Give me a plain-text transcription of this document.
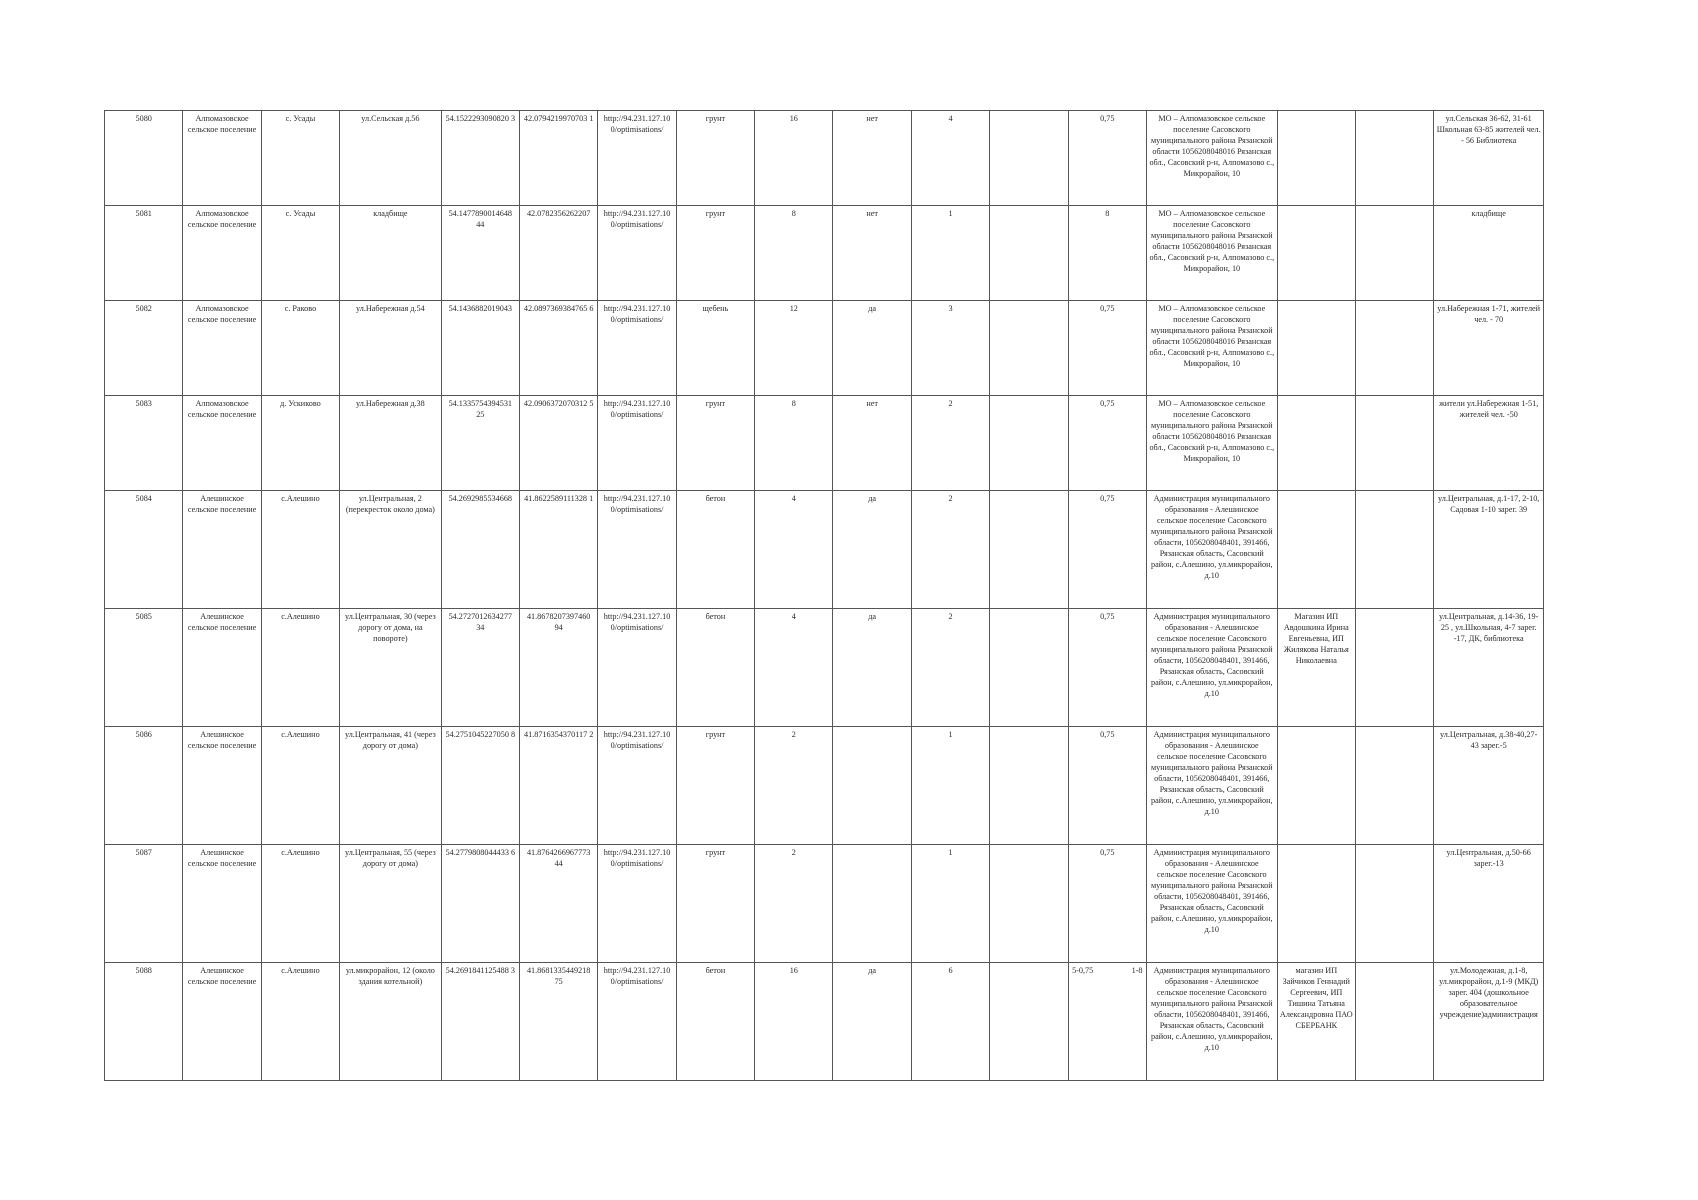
5080	Алпомазовское сельское поселение	с. Усады	ул.Сельская д.56	54.1522293090820 3	42.0794219970703 1	http://94.231.127.10 0/optimisations/	грунт	16	нет	4		0,75	МО – Алпомазовское сельское поселение Сасовского муниципального района Рязанской области 1056208048016 Рязанская обл., Сасовский р-н, Алпомазово с., Микрорайон, 10			ул.Сельская 36-62, 31-61 Школьная 63-85 жителей чел. - 56 Библиотека
5081	Алпомазовское сельское поселение	с. Усады	кладбище	54.1477890014648 44	42.0782356262207	http://94.231.127.10 0/optimisations/	грунт	8	нет	1		8	МО – Алпомазовское сельское поселение Сасовского муниципального района Рязанской области 1056208048016 Рязанская обл., Сасовский р-н, Алпомазово с., Микрорайон, 10			кладбище
5082	Алпомазовское сельское поселение	с. Раково	ул.Набережная д.54	54.1436882019043	42.0897369384765 6	http://94.231.127.10 0/optimisations/	щебень	12	да	3		0,75	МО – Алпомазовское сельское поселение Сасовского муниципального района Рязанской области 1056208048016 Рязанская обл., Сасовский р-н, Алпомазово с., Микрорайон, 10			ул.Набережная 1-71, жителей чел. - 70
5083	Алпомазовское сельское поселение	д. Ускиково	ул.Набережная д.38	54.1335754394531 25	42.0906372070312 5	http://94.231.127.10 0/optimisations/	грунт	8	нет	2		0,75	МО – Алпомазовское сельское поселение Сасовского муниципального района Рязанской области 1056208048016 Рязанская обл., Сасовский р-н, Алпомазово с., Микрорайон, 10			жители ул.Набережная 1-51, жителей чел. -50
5084	Алешинское сельское поселение	с.Алешино	ул.Центральная, 2 (перекресток около дома)	54.2692985534668	41.8622589111328 1	http://94.231.127.10 0/optimisations/	бетон	4	да	2		0,75	Администрация муниципального образования - Алешинское сельское поселение Сасовского муниципального района Рязанской области, 1056208048401, 391466, Рязанская область, Сасовский район, с.Алешино, ул.микрорайон, д.10			ул.Центральная, д.1-17, 2-10, Садовая 1-10 зарег. 39
5085	Алешинское сельское поселение	с.Алешино	ул.Центральная, 30 (через дорогу от дома, на повороте)	54.2727012634277 34	41.8678207397460 94	http://94.231.127.10 0/optimisations/	бетон	4	да	2		0,75	Администрация муниципального образования - Алешинское сельское поселение Сасовского муниципального района Рязанской области, 1056208048401, 391466, Рязанская область, Сасовский район, с.Алешино, ул.микрорайон, д.10	Магазин ИП Авдошкина Ирина Евгеньевна, ИП Жилякова Наталья Николаевна		ул.Центральная, д.14-36, 19-25 , ул.Школьная, 4-7 зарег. -17, ДК, библиотека
5086	Алешинское сельское поселение	с.Алешино	ул.Центральная, 41 (через дорогу от дома)	54.2751045227050 8	41.8716354370117 2	http://94.231.127.10 0/optimisations/	грунт	2		1		0,75	Администрация муниципального образования - Алешинское сельское поселение Сасовского муниципального района Рязанской области, 1056208048401, 391466, Рязанская область, Сасовский район, с.Алешино, ул.микрорайон, д.10			ул.Центральная, д.38-40,27-43 зарег.-5
5087	Алешинское сельское поселение	с.Алешино	ул.Центральная, 55 (через дорогу от дома)	54.2779808044433 6	41.8764266967773 44	http://94.231.127.10 0/optimisations/	грунт	2		1		0,75	Администрация муниципального образования - Алешинское сельское поселение Сасовского муниципального района Рязанской области, 1056208048401, 391466, Рязанская область, Сасовский район, с.Алешино, ул.микрорайон, д.10			ул.Центральная, д.50-66 зарег.-13
5088	Алешинское сельское поселение	с.Алешино	ул.микрорайон, 12 (около здания котельной)	54.2691841125488 3	41.8681335449218 75	http://94.231.127.10 0/optimisations/	бетон	16	да	6		5-0,75 1-8	Администрация муниципального образования - Алешинское сельское поселение Сасовского муниципального района Рязанской области, 1056208048401, 391466, Рязанская область, Сасовский район, с.Алешино, ул.микрорайон, д.10	магазин ИП Зайчиков Геннадий Сергеевич, ИП Тишина Татьяна Александровна ПАО СБЕРБАНК		ул.Молодежная, д.1-8, ул.микрорайон, д.1-9 (МКД) зарег. 404 (дошкольное образовательное учреждение)администрация
